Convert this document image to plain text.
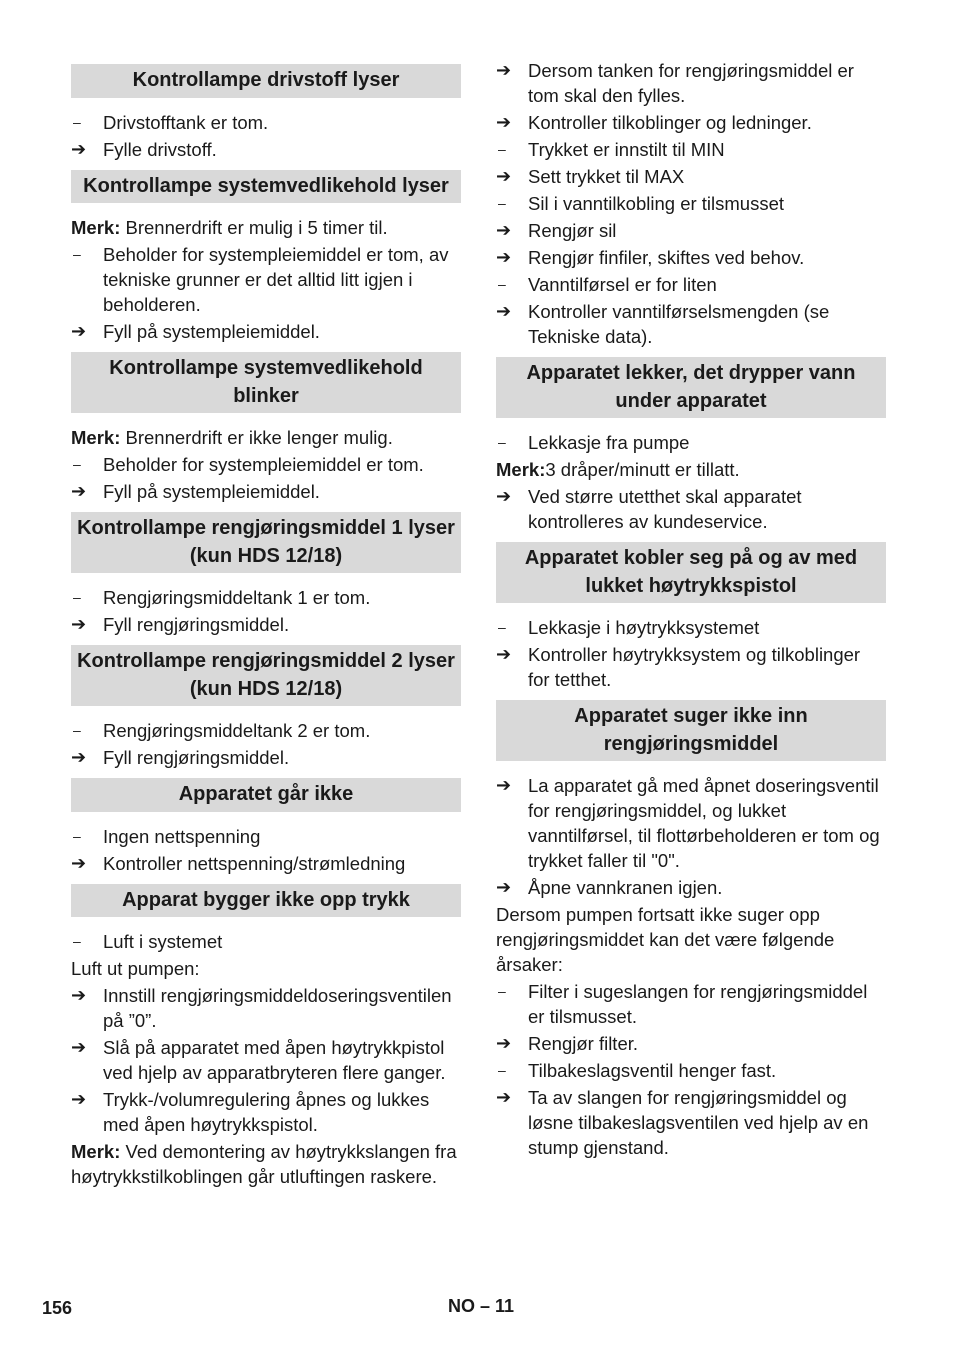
Kontrollampe drivstoff lyser
–	Drivstofftank er tom.
➔ Fylle drivstoff.
Kontrollampe systemvedlikehold lyser
Merk: Brennerdrift er mulig i 5 timer til.
–	Beholder for systempleiemiddel er tom, av tekniske grunner er det alltid litt igjen i beholderen.
➔ Fyll på systempleiemiddel.
Kontrollampe systemvedlikehold blinker
Merk: Brennerdrift er ikke lenger mulig.
–	Beholder for systempleiemiddel er tom.
➔ Fyll på systempleiemiddel.
Kontrollampe rengjøringsmiddel 1 lyser (kun HDS 12/18)
–	Rengjøringsmiddeltank 1 er tom.
➔ Fyll rengjøringsmiddel.
Kontrollampe rengjøringsmiddel 2 lyser (kun HDS 12/18)
–	Rengjøringsmiddeltank 2 er tom.
➔ Fyll rengjøringsmiddel.
Apparatet går ikke
–	Ingen nettspenning
➔ Kontroller nettspenning/strømledning
Apparat bygger ikke opp trykk
–	Luft i systemet
Luft ut pumpen:
➔ Innstill rengjøringsmiddeldoseringsventilen på ”0”.
➔ Slå på apparatet med åpen høytrykkpistol ved hjelp av apparatbryteren flere ganger.
➔ Trykk-/volumregulering åpnes og lukkes med åpen høytrykkspistol.
Merk: Ved demontering av høytrykkslangen fra høytrykkstilkoblingen går utluftingen raskere.
➔ Dersom tanken for rengjøringsmiddel er tom skal den fylles.
➔ Kontroller tilkoblinger og ledninger.
–	Trykket er innstilt til MIN
➔ Sett trykket til MAX
–	Sil i vanntilkobling er tilsmusset
➔ Rengjør sil
➔ Rengjør finfiler, skiftes ved behov.
–	Vanntilførsel er for liten
➔ Kontroller vanntilførselsmengden (se Tekniske data).
Apparatet lekker, det drypper vann under apparatet
–	Lekkasje fra pumpe
Merk:3 dråper/minutt er tillatt.
➔ Ved større utetthet skal apparatet kontrolleres av kundeservice.
Apparatet kobler seg på og av med lukket høytrykkspistol
–	Lekkasje i høytrykksystemet
➔ Kontroller høytrykksystem og tilkoblinger for tetthet.
Apparatet suger ikke inn rengjøringsmiddel
➔ La apparatet gå med åpnet doseringsventil for rengjøringsmiddel, og lukket vanntilførsel, til flottørbeholderen er tom og trykket faller til "0".
➔ Åpne vannkranen igjen.
Dersom pumpen fortsatt ikke suger opp rengjøringsmiddet kan det være følgende årsaker:
–	Filter i sugeslangen for rengjøringsmiddel er tilsmusset.
➔ Rengjør filter.
–	Tilbakeslagsventil henger fast.
➔ Ta av slangen for rengjøringsmiddel og løsne tilbakeslagsventilen ved hjelp av en stump gjenstand.
156	NO – 11
